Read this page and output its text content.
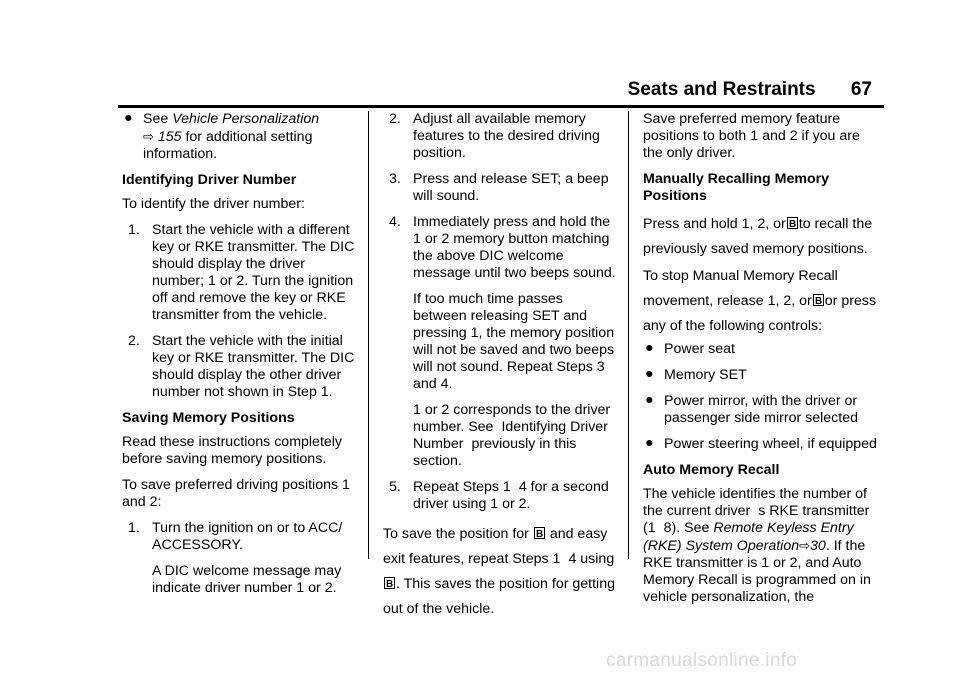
Seats and Restraints 67
● See Vehicle Personalization
⇨ 155 for additional setting information.

Identifying Driver Number

To identify the driver number:

1. Start the vehicle with a different key or RKE transmitter. The DIC should display the driver number; 1 or 2. Turn the ignition off and remove the key or RKE transmitter from the vehicle.
2. Start the vehicle with the initial key or RKE transmitter. The DIC should display the other driver number not shown in Step 1.

Saving Memory Positions

Read these instructions completely before saving memory positions.

To save preferred driving positions 1 and 2:

1. Turn the ignition on or to ACC/ ACCESSORY.

A DIC welcome message may indicate driver number 1 or 2.

2. Adjust all available memory features to the desired driving position.
3. Press and release SET; a beep will sound.
4. Immediately press and hold the 1 or 2 memory button matching the above DIC welcome message until two beeps sound.

If too much time passes between releasing SET and pressing 1, the memory position will not be saved and two beeps will not sound. Repeat Steps 3 and 4.

1 or 2 corresponds to the driver number. See Identifying Driver Number previously in this section.

5. Repeat Steps 1 4 for a second driver using 1 or 2.

To save the position for B and easy exit features, repeat Steps 1 4 using
B . This saves the position for getting out of the vehicle.

Save preferred memory feature positions to both 1 and 2 if you are the only driver.

Manually Recalling Memory Positions

Press and hold 1, 2, or B to recall the previously saved memory positions.

To stop Manual Memory Recall movement, release 1, 2, or B or press any of the following controls:

● Power seat
● Memory SET
● Power mirror, with the driver or passenger side mirror selected
● Power steering wheel, if equipped

Auto Memory Recall

The vehicle identifies the number of the current driver s RKE transmitter (1 8). See Remote Keyless Entry (RKE) System Operation⇨30. If the RKE transmitter is 1 or 2, and Auto Memory Recall is programmed on in vehicle personalization, the

carmanualsonline.info
